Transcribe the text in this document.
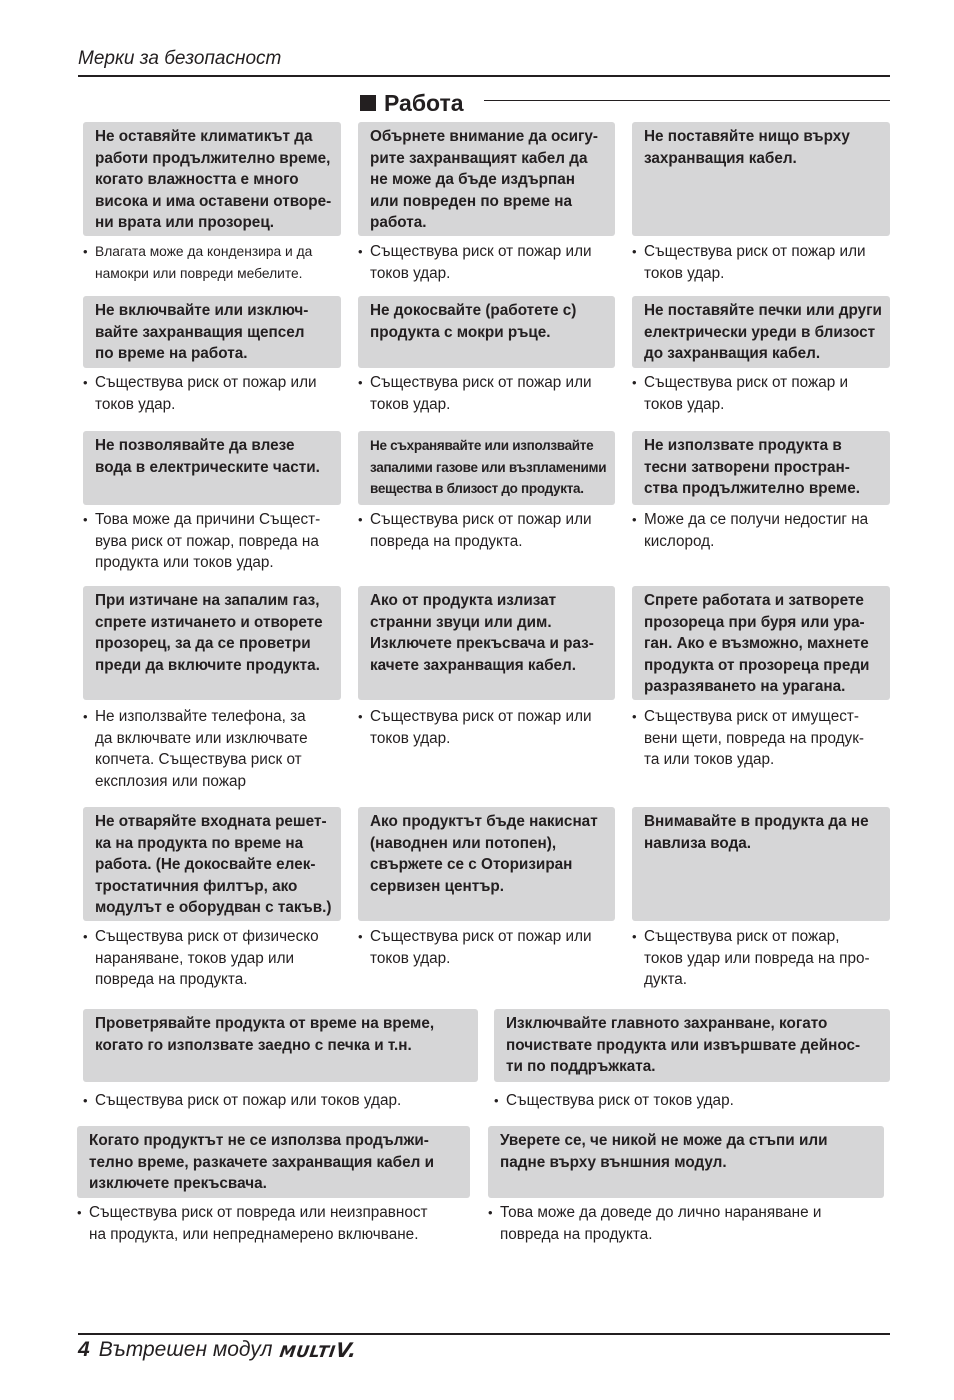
Мерки за безопасност
Работа
Не оставяйте климатикът да
работи продължително време,
когато влажността е много
висока и има оставени отворе-
ни врата или прозорец.
• Влагата може да кондензира и да
намокри или повреди мебелите.
Обърнете внимание да осигу-
рите захранващият кабел да
не може да бъде издърпан
или повреден по време на
работа.
• Съществува риск от пожар или
токов удар.
Не поставяйте нищо върху
захранващия кабел.
• Съществува риск от пожар или
токов удар.
Не включвайте или изключ-
вайте захранващия щепсел
по време на работа.
• Съществува риск от пожар или
токов удар.
Не докосвайте (работете с)
продукта с мокри ръце.
• Съществува риск от пожар или
токов удар.
Не поставяйте печки или други
електрически уреди в близост
до захранващия кабел.
• Съществува риск от пожар и
токов удар.
Не позволявайте да влезе
вода в електрическите части.
• Това може да причини Същест-
вува риск от пожар, повреда на
продукта или токов удар.
Не съхранявайте или използвайте
запалими газове или възпламеними
вещества в близост до продукта.
• Съществува риск от пожар или
повреда на продукта.
Не използвате продукта в
тесни затворени простран-
ства продължително време.
• Може да се получи недостиг на
кислород.
При изтичане на запалим газ,
спрете изтичането и отворете
прозорец, за да се проветри
преди да включите продукта.
• Не използвайте телефона, за
да включвате или изключвате
копчета. Съществува риск от
експлозия или пожар
Ако от продукта излизат
странни звуци или дим.
Изключете прекъсвача и раз-
качете захранващия кабел.
• Съществува риск от пожар или
токов удар.
Спрете работата и затворете
прозореца при буря или ура-
ган. Ако е възможно, махнете
продукта от прозореца преди
разразяването на урагана.
• Съществува риск от имущест-
вени щети, повреда на продук-
та или токов удар.
Не отваряйте входната решет-
ка на продукта по време на
работа. (Не докосвайте елек-
тростатичния филтър, ако
модулът е оборудван с такъв.)
• Съществува риск от физическо
нараняване, токов удар или
повреда на продукта.
Ако продуктът бъде накиснат
(наводнен или потопен),
свържете се с Оторизиран
сервизен център.
• Съществува риск от пожар или
токов удар.
Внимавайте в продукта да не
навлиза вода.
• Съществува риск от пожар,
токов удар или повреда на про-
дукта.
Проветрявайте продукта от време на време,
когато го използвате заедно с печка и т.н.
• Съществува риск от пожар или токов удар.
Изключвайте главното захранване, когато
почиствате продукта или извършвате дейнос-
ти по поддръжката.
• Съществува риск от токов удар.
Когато продуктът не се използва продължи-
телно време, разкачете захранващия кабел и
изключете прекъсвача.
• Съществува риск от повреда или неизправност
на продукта, или непреднамерено включване.
Уверете се, че никой не може да стъпи или
падне върху външния модул.
• Това може да доведе до лично нараняване и
повреда на продукта.
4 Вътрешен модул MULTIV.
